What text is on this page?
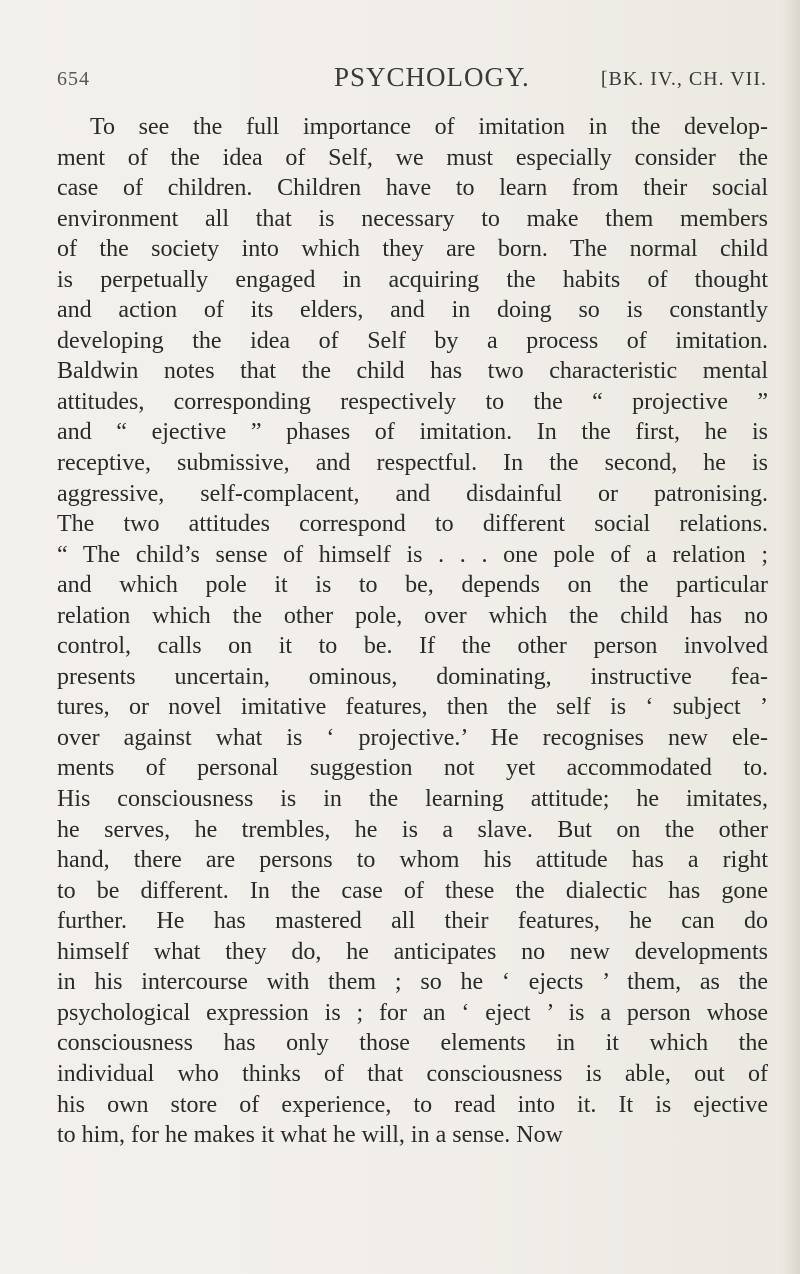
654	PSYCHOLOGY.	[BK. IV., CH. VII.
To see the full importance of imitation in the develop-
ment of the idea of Self, we must especially consider the
case of children. Children have to learn from their social
environment all that is necessary to make them members
of the society into which they are born. The normal child
is perpetually engaged in acquiring the habits of thought
and action of its elders, and in doing so is constantly
developing the idea of Self by a process of imitation.
Baldwin notes that the child has two characteristic mental
attitudes, corresponding respectively to the “ projective ”
and “ ejective ” phases of imitation. In the first, he is
receptive, submissive, and respectful. In the second, he is
aggressive, self-complacent, and disdainful or patronising.
The two attitudes correspond to different social relations.
“ The child’s sense of himself is . . . one pole of a relation ;
and which pole it is to be, depends on the particular
relation which the other pole, over which the child has no
control, calls on it to be. If the other person involved
presents uncertain, ominous, dominating, instructive fea-
tures, or novel imitative features, then the self is ‘ subject ’
over against what is ‘ projective.’ He recognises new ele-
ments of personal suggestion not yet accommodated to.
His consciousness is in the learning attitude; he imitates,
he serves, he trembles, he is a slave. But on the other
hand, there are persons to whom his attitude has a right
to be different. In the case of these the dialectic has gone
further. He has mastered all their features, he can do
himself what they do, he anticipates no new developments
in his intercourse with them ; so he ‘ ejects ’ them, as the
psychological expression is ; for an ‘ eject ’ is a person whose
consciousness has only those elements in it which the
individual who thinks of that consciousness is able, out of
his own store of experience, to read into it. It is ejective
to him, for he makes it what he will, in a sense. Now
